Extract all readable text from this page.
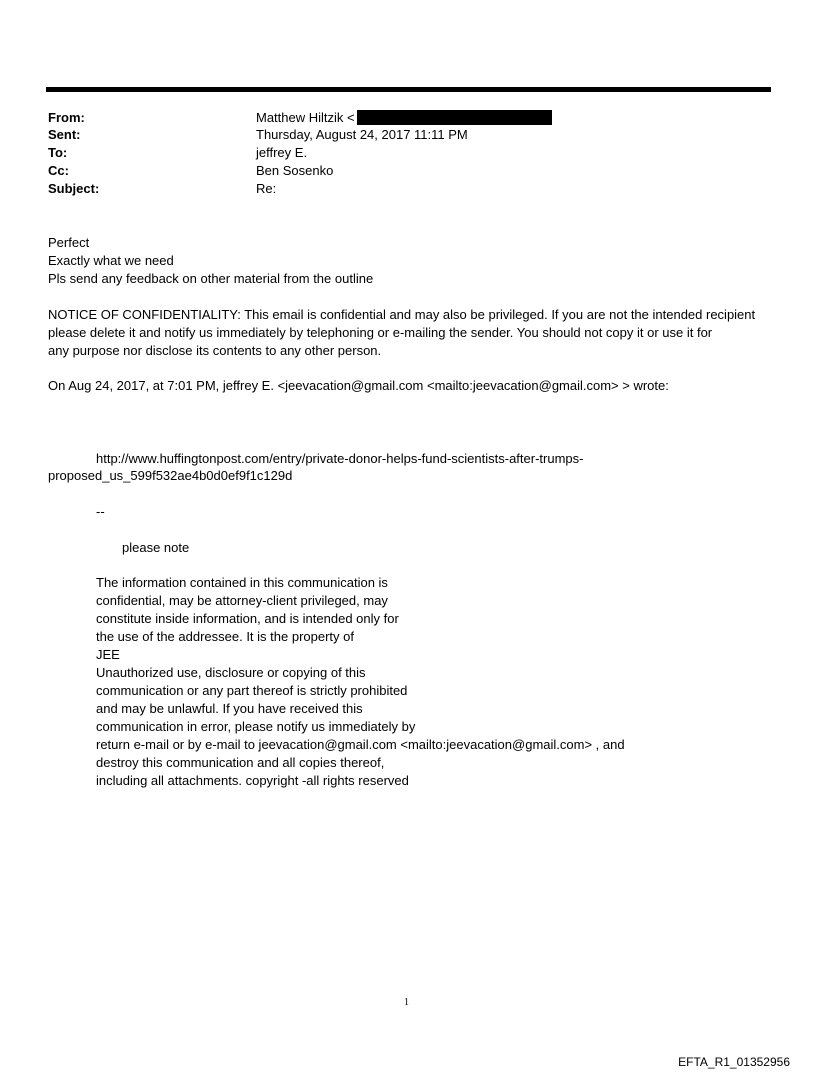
From:	Matthew Hiltzik <
Sent:	Thursday, August 24, 2017 11:11 PM
To:	jeffrey E.
Cc:	Ben Sosenko
Subject:	Re:
Perfect
Exactly what we need
Pls send any feedback on other material from the outline
NOTICE OF CONFIDENTIALITY: This email is confidential and may also be privileged. If you are not the intended recipient
please delete it and notify us immediately by telephoning or e-mailing the sender. You should not copy it or use it for
any purpose nor disclose its contents to any other person.
On Aug 24, 2017, at 7:01 PM, jeffrey E. <jeevacation@gmail.com <mailto:jeevacation@gmail.com> > wrote:
http://www.huffingtonpost.com/entry/private-donor-helps-fund-scientists-after-trumps-
proposed_us_599f532ae4b0d0ef9f1c129d
--
please note
The information contained in this communication is
confidential, may be attorney-client privileged, may
constitute inside information, and is intended only for
the use of the addressee. It is the property of
JEE
Unauthorized use, disclosure or copying of this
communication or any part thereof is strictly prohibited
and may be unlawful. If you have received this
communication in error, please notify us immediately by
return e-mail or by e-mail to jeevacation@gmail.com <mailto:jeevacation@gmail.com> , and
destroy this communication and all copies thereof,
including all attachments. copyright -all rights reserved
1
EFTA_R1_01352956
